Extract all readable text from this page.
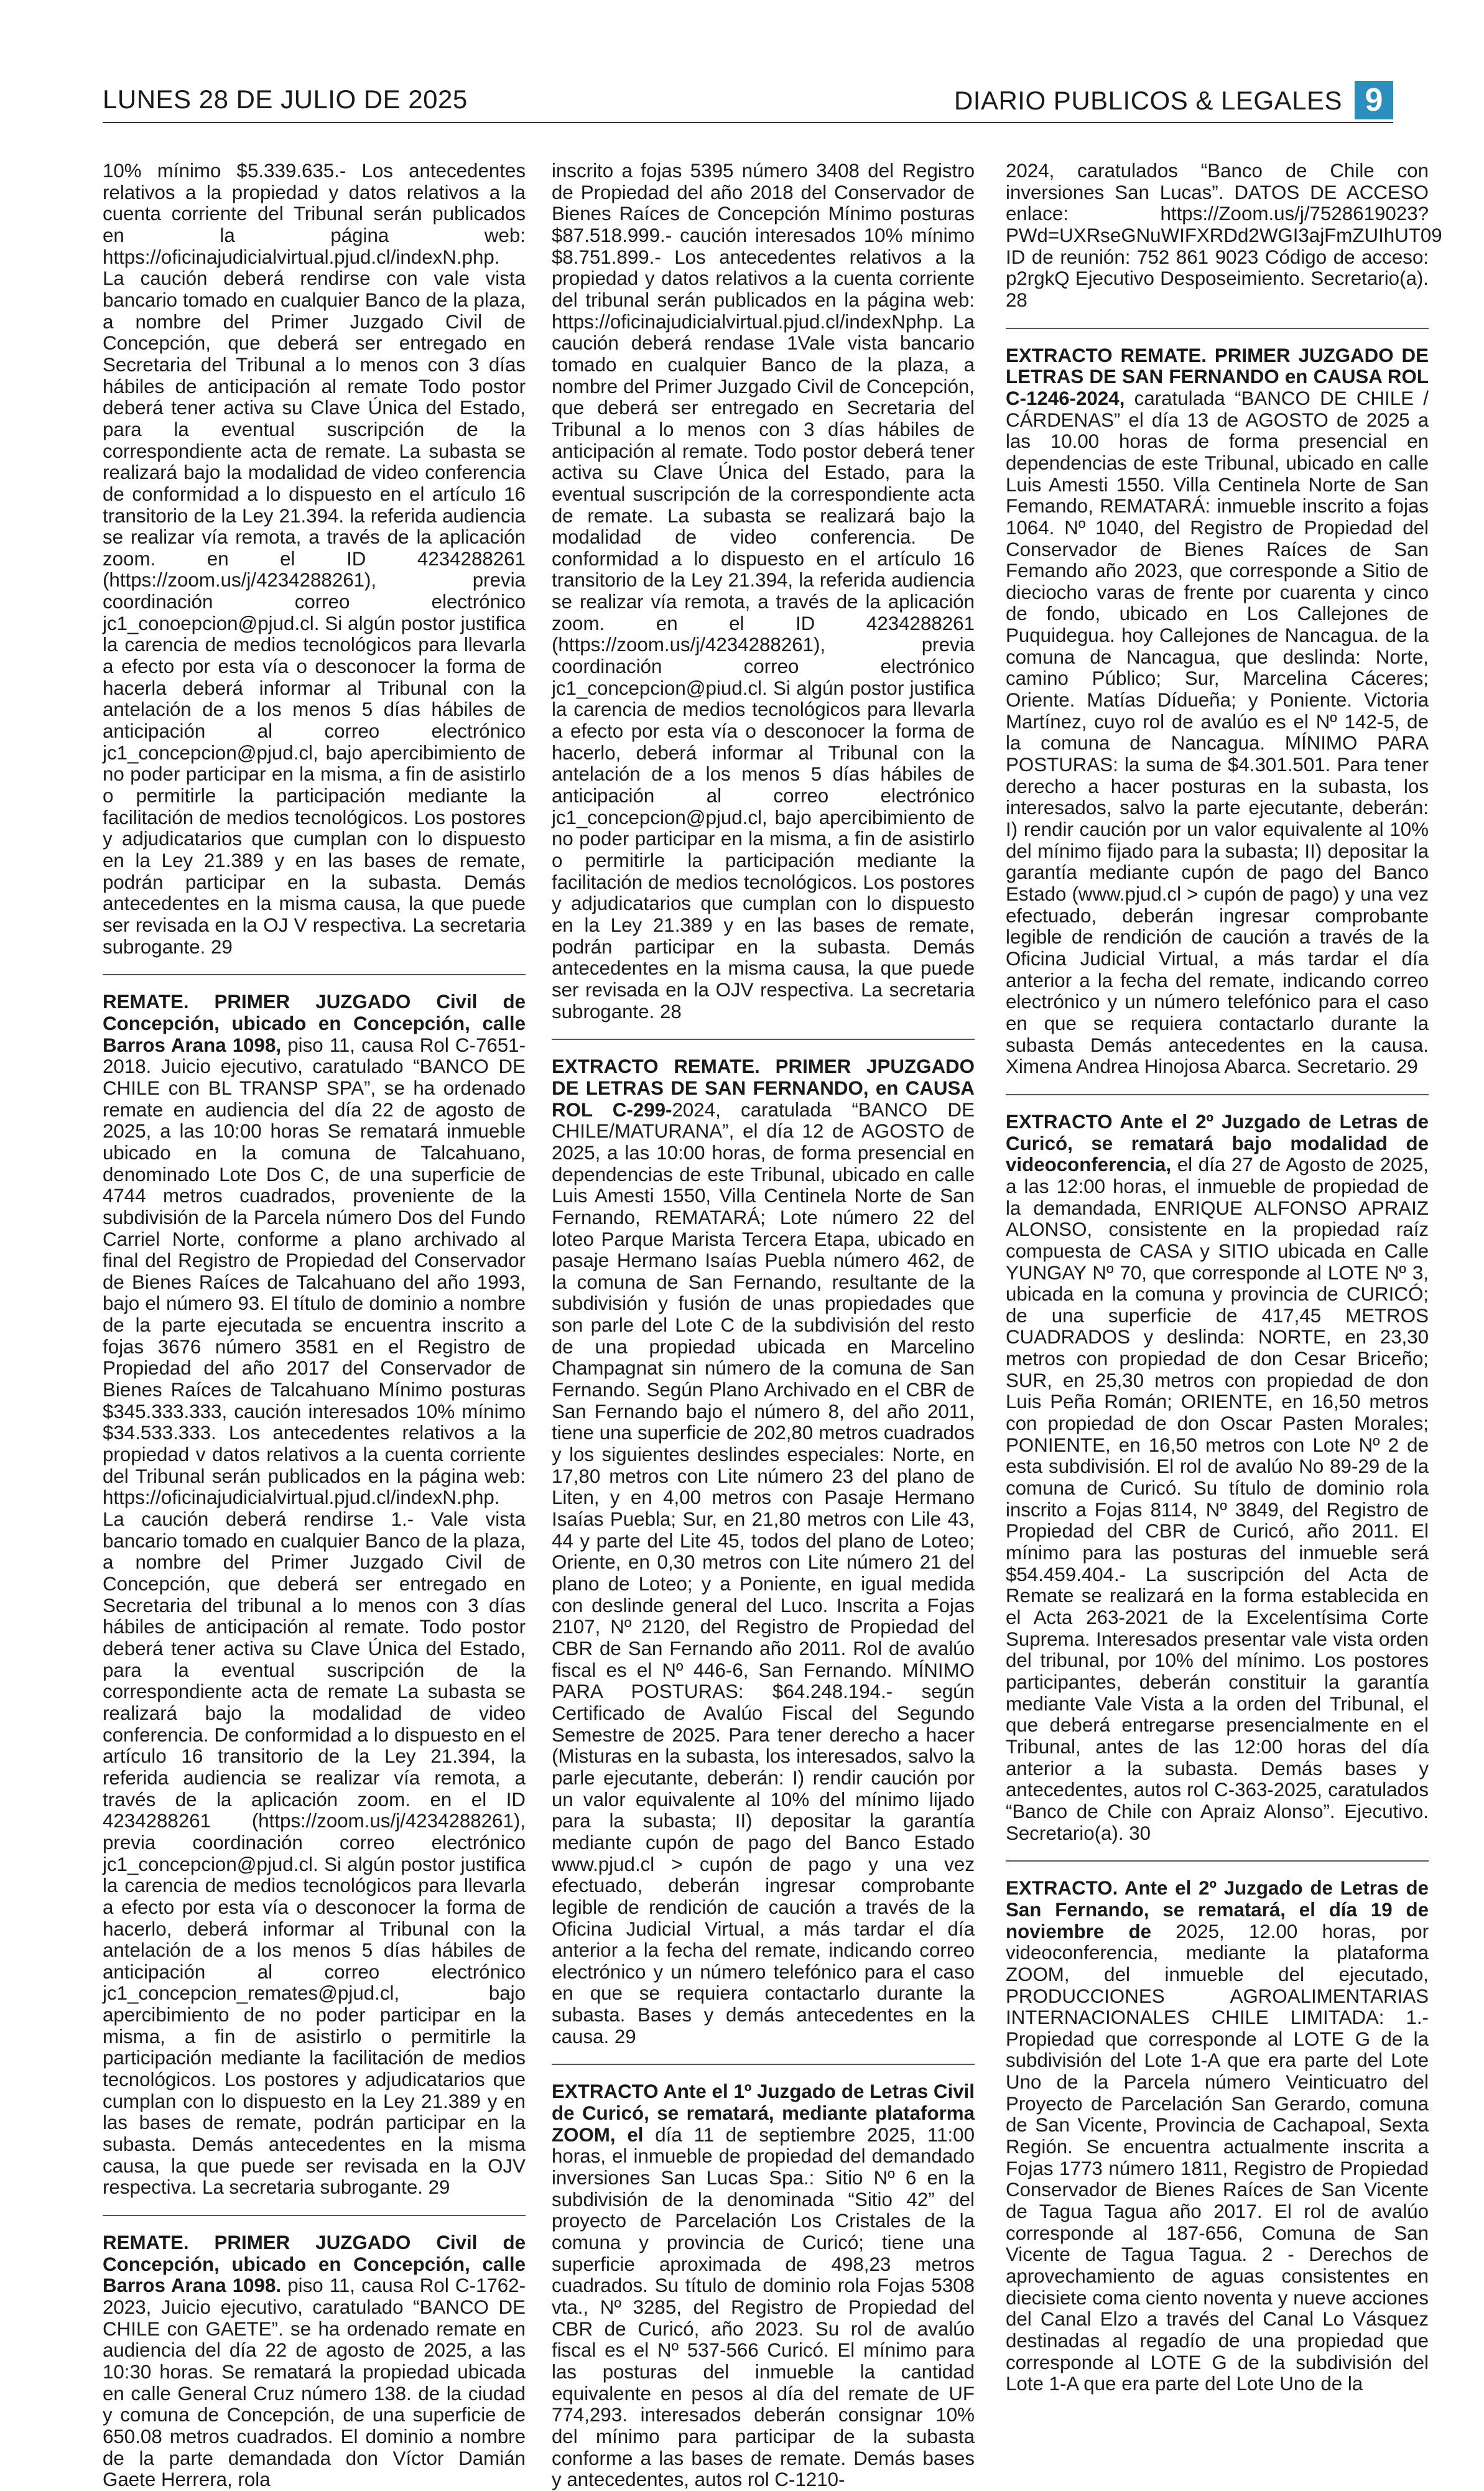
LUNES 28 DE JULIO DE 2025	DIARIO PUBLICOS & LEGALES 9

10% mínimo $5.339.635.- Los antecedentes relativos a la propiedad y datos relativos a la cuenta corriente del Tribunal serán publicados en la página web: https://oficinajudicialvirtual.pjud.cl/indexN.php. La caución deberá rendirse con vale vista bancario tomado en cualquier Banco de la plaza, a nombre del Primer Juzgado Civil de Concepción, que deberá ser entregado en Secretaria del Tribunal a lo menos con 3 días hábiles de anticipación al remate Todo postor deberá tener activa su Clave Única del Estado, para la eventual suscripción de la correspondiente acta de remate. La subasta se realizará bajo la modalidad de video conferencia de conformidad a lo dispuesto en el artículo 16 transitorio de la Ley 21.394. la referida audiencia se realizar vía remota, a través de la aplicación zoom. en el ID 4234288261 (https://zoom.us/j/4234288261), previa coordinación correo electrónico jc1_conoepcion@pjud.cl. Si algún postor justifica la carencia de medios tecnológicos para llevarla a efecto por esta vía o desconocer la forma de hacerla deberá informar al Tribunal con la antelación de a los menos 5 días hábiles de anticipación al correo electrónico jc1_concepcion@pjud.cl, bajo apercibimiento de no poder participar en la misma, a fin de asistirlo o permitirle la participación mediante la facilitación de medios tecnológicos. Los postores y adjudicatarios que cumplan con lo dispuesto en la Ley 21.389 y en las bases de remate, podrán participar en la subasta. Demás antecedentes en la misma causa, la que puede ser revisada en la OJ V respectiva. La secretaria subrogante. 29

REMATE. PRIMER JUZGADO Civil de Concepción, ubicado en Concepción, calle Barros Arana 1098, piso 11, causa Rol C-7651-2018. Juicio ejecutivo, caratulado “BANCO DE CHILE con BL TRANSP SPA”, se ha ordenado remate en audiencia del día 22 de agosto de 2025, a las 10:00 horas Se rematará inmueble ubicado en la comuna de Talcahuano, denominado Lote Dos C, de una superficie de 4744 metros cuadrados, proveniente de la subdivisión de la Parcela número Dos del Fundo Carriel Norte, conforme a plano archivado al final del Registro de Propiedad del Conservador de Bienes Raíces de Talcahuano del año 1993, bajo el número 93. El título de dominio a nombre de la parte ejecutada se encuentra inscrito a fojas 3676 número 3581 en el Registro de Propiedad del año 2017 del Conservador de Bienes Raíces de Talcahuano Mínimo posturas $345.333.333, caución interesados 10% mínimo $34.533.333. Los antecedentes relativos a la propiedad v datos relativos a la cuenta corriente del Tribunal serán publicados en la página web: https://oficinajudicialvirtual.pjud.cl/indexN.php. La caución deberá rendirse 1.- Vale vista bancario tomado en cualquier Banco de la plaza, a nombre del Primer Juzgado Civil de Concepción, que deberá ser entregado en Secretaria del tribunal a lo menos con 3 días hábiles de anticipación al remate. Todo postor deberá tener activa su Clave Única del Estado, para la eventual suscripción de la correspondiente acta de remate La subasta se realizará bajo la modalidad de video conferencia. De conformidad a lo dispuesto en el artículo 16 transitorio de la Ley 21.394, la referida audiencia se realizar vía remota, a través de la aplicación zoom. en el ID 4234288261 (https://zoom.us/j/4234288261), previa coordinación correo electrónico jc1_concepcion@pjud.cl. Si algún postor justifica la carencia de medios tecnológicos para llevarla a efecto por esta vía o desconocer la forma de hacerlo, deberá informar al Tribunal con la antelación de a los menos 5 días hábiles de anticipación al correo electrónico jc1_concepcion_remates@pjud.cl, bajo apercibimiento de no poder participar en la misma, a fin de asistirlo o permitirle la participación mediante la facilitación de medios tecnológicos. Los postores y adjudicatarios que cumplan con lo dispuesto en la Ley 21.389 y en las bases de remate, podrán participar en la subasta. Demás antecedentes en la misma causa, la que puede ser revisada en la OJV respectiva. La secretaria subrogante. 29

REMATE. PRIMER JUZGADO Civil de Concepción, ubicado en Concepción, calle Barros Arana 1098. piso 11, causa Rol C-1762-2023, Juicio ejecutivo, caratulado “BANCO DE CHILE con GAETE”. se ha ordenado remate en audiencia del día 22 de agosto de 2025, a las 10:30 horas. Se rematará la propiedad ubicada en calle General Cruz número 138. de la ciudad y comuna de Concepción, de una superficie de 650.08 metros cuadrados. El dominio a nombre de la parte demandada don Víctor Damián Gaete Herrera, rola

inscrito a fojas 5395 número 3408 del Registro de Propiedad del año 2018 del Conservador de Bienes Raíces de Concepción Mínimo posturas $87.518.999.- caución interesados 10% mínimo $8.751.899.- Los antecedentes relativos a la propiedad y datos relativos a la cuenta corriente del tribunal serán publicados en la página web: https://oficinajudicialvirtual.pjud.cl/indexNphp. La caución deberá rendase 1Vale vista bancario tomado en cualquier Banco de la plaza, a nombre del Primer Juzgado Civil de Concepción, que deberá ser entregado en Secretaria del Tribunal a lo menos con 3 días hábiles de anticipación al remate. Todo postor deberá tener activa su Clave Única del Estado, para la eventual suscripción de la correspondiente acta de remate. La subasta se realizará bajo la modalidad de video conferencia. De conformidad a lo dispuesto en el artículo 16 transitorio de la Ley 21.394, la referida audiencia se realizar vía remota, a través de la aplicación zoom. en el ID 4234288261 (https://zoom.us/j/4234288261), previa coordinación correo electrónico jc1_concepcion@piud.cl. Si algún postor justifica la carencia de medios tecnológicos para llevarla a efecto por esta vía o desconocer la forma de hacerlo, deberá informar al Tribunal con la antelación de a los menos 5 días hábiles de anticipación al correo electrónico jc1_concepcion@pjud.cl, bajo apercibimiento de no poder participar en la misma, a fin de asistirlo o permitirle la participación mediante la facilitación de medios tecnológicos. Los postores y adjudicatarios que cumplan con lo dispuesto en la Ley 21.389 y en las bases de remate, podrán participar en la subasta. Demás antecedentes en la misma causa, la que puede ser revisada en la OJV respectiva. La secretaria subrogante. 28

EXTRACTO REMATE. PRIMER JPUZGADO DE LETRAS DE SAN FERNANDO, en CAUSA ROL C-299-2024, caratulada “BANCO DE CHILE/MATURANA”, el día 12 de AGOSTO de 2025, a las 10:00 horas, de forma presencial en dependencias de este Tribunal, ubicado en calle Luis Amesti 1550, Villa Centinela Norte de San Fernando, REMATARÁ; Lote número 22 del loteo Parque Marista Tercera Etapa, ubicado en pasaje Hermano Isaías Puebla número 462, de la comuna de San Fernando, resultante de la subdivisión y fusión de unas propiedades que son parle del Lote C de la subdivisión del resto de una propiedad ubicada en Marcelino Champagnat sin número de la comuna de San Fernando. Según Plano Archivado en el CBR de San Fernando bajo el número 8, del año 2011, tiene una superficie de 202,80 metros cuadrados y los siguientes deslindes especiales: Norte, en 17,80 metros con Lite número 23 del plano de Liten, y en 4,00 metros con Pasaje Hermano Isaías Puebla; Sur, en 21,80 metros con Lile 43, 44 y parte del Lite 45, todos del plano de Loteo; Oriente, en 0,30 metros con Lite número 21 del plano de Loteo; y a Poniente, en igual medida con deslinde general del Luco. Inscrita a Fojas 2107, Nº 2120, del Registro de Propiedad del CBR de San Fernando año 2011. Rol de avalúo fiscal es el Nº 446-6, San Fernando. MÍNIMO PARA POSTURAS: $64.248.194.- según Certificado de Avalúo Fiscal del Segundo Semestre de 2025. Para tener derecho a hacer (Misturas en la subasta, los interesados, salvo la parle ejecutante, deberán: I) rendir caución por un valor equivalente al 10% del mínimo lijado para la subasta; II) depositar la garantía mediante cupón de pago del Banco Estado www.pjud.cl > cupón de pago y una vez efectuado, deberán ingresar comprobante legible de rendición de caución a través de la Oficina Judicial Virtual, a más tardar el día anterior a la fecha del remate, indicando correo electrónico y un número telefónico para el caso en que se requiera contactarlo durante la subasta. Bases y demás antecedentes en la causa. 29

EXTRACTO Ante el 1º Juzgado de Letras Civil de Curicó, se rematará, mediante plataforma ZOOM, el día 11 de septiembre 2025, 11:00 horas, el inmueble de propiedad del demandado inversiones San Lucas Spa.: Sitio Nº 6 en la subdivisión de la denominada “Sitio 42” del proyecto de Parcelación Los Cristales de la comuna y provincia de Curicó; tiene una superficie aproximada de 498,23 metros cuadrados. Su título de dominio rola Fojas 5308 vta., Nº 3285, del Registro de Propiedad del CBR de Curicó, año 2023. Su rol de avalúo fiscal es el Nº 537-566 Curicó. El mínimo para las posturas del inmueble la cantidad equivalente en pesos al día del remate de UF 774,293. interesados deberán consignar 10% del mínimo para participar de la subasta conforme a las bases de remate. Demás bases y antecedentes, autos rol C-1210-

2024, caratulados “Banco de Chile con inversiones San Lucas”. DATOS DE ACCESO enlace: https://Zoom.us/j/7528619023?PWd=UXRseGNuWIFXRDd2WGI3ajFmZUIhUT09 ID de reunión: 752 861 9023 Código de acceso: p2rgkQ Ejecutivo Desposeimiento. Secretario(a). 28

EXTRACTO REMATE. PRIMER JUZGADO DE LETRAS DE SAN FERNANDO en CAUSA ROL C-1246-2024, caratulada “BANCO DE CHILE / CÁRDENAS” el día 13 de AGOSTO de 2025 a las 10.00 horas de forma presencial en dependencias de este Tribunal, ubicado en calle Luis Amesti 1550. Villa Centinela Norte de San Femando, REMATARÁ: inmueble inscrito a fojas 1064. Nº 1040, del Registro de Propiedad del Conservador de Bienes Raíces de San Femando año 2023, que corresponde a Sitio de dieciocho varas de frente por cuarenta y cinco de fondo, ubicado en Los Callejones de Puquidegua. hoy Callejones de Nancagua. de la comuna de Nancagua, que deslinda: Norte, camino Público; Sur, Marcelina Cáceres; Oriente. Matías Dídueña; y Poniente. Victoria Martínez, cuyo rol de avalúo es el Nº 142-5, de la comuna de Nancagua. MÍNIMO PARA POSTURAS: la suma de $4.301.501. Para tener derecho a hacer posturas en la subasta, los interesados, salvo la parte ejecutante, deberán: I) rendir caución por un valor equivalente al 10% del mínimo fijado para la subasta; II) depositar la garantía mediante cupón de pago del Banco Estado (www.pjud.cl > cupón de pago) y una vez efectuado, deberán ingresar comprobante legible de rendición de caución a través de la Oficina Judicial Virtual, a más tardar el día anterior a la fecha del remate, indicando correo electrónico y un número telefónico para el caso en que se requiera contactarlo durante la subasta Demás antecedentes en la causa. Ximena Andrea Hinojosa Abarca. Secretario. 29

EXTRACTO Ante el 2º Juzgado de Letras de Curicó, se rematará bajo modalidad de videoconferencia, el día 27 de Agosto de 2025, a las 12:00 horas, el inmueble de propiedad de la demandada, ENRIQUE ALFONSO APRAIZ ALONSO, consistente en la propiedad raíz compuesta de CASA y SITIO ubicada en Calle YUNGAY Nº 70, que corresponde al LOTE Nº 3, ubicada en la comuna y provincia de CURICÓ; de una superficie de 417,45 METROS CUADRADOS y deslinda: NORTE, en 23,30 metros con propiedad de don Cesar Briceño; SUR, en 25,30 metros con propiedad de don Luis Peña Román; ORIENTE, en 16,50 metros con propiedad de don Oscar Pasten Morales; PONIENTE, en 16,50 metros con Lote Nº 2 de esta subdivisión. El rol de avalúo No 89-29 de la comuna de Curicó. Su título de dominio rola inscrito a Fojas 8114, Nº 3849, del Registro de Propiedad del CBR de Curicó, año 2011. El mínimo para las posturas del inmueble será $54.459.404.- La suscripción del Acta de Remate se realizará en la forma establecida en el Acta 263-2021 de la Excelentísima Corte Suprema. Interesados presentar vale vista orden del tribunal, por 10% del mínimo. Los postores participantes, deberán constituir la garantía mediante Vale Vista a la orden del Tribunal, el que deberá entregarse presencialmente en el Tribunal, antes de las 12:00 horas del día anterior a la subasta. Demás bases y antecedentes, autos rol C-363-2025, caratulados “Banco de Chile con Apraiz Alonso”. Ejecutivo. Secretario(a). 30

EXTRACTO. Ante el 2º Juzgado de Letras de San Fernando, se rematará, el día 19 de noviembre de 2025, 12.00 horas, por videoconferencia, mediante la plataforma ZOOM, del inmueble del ejecutado, PRODUCCIONES AGROALIMENTARIAS INTERNACIONALES CHILE LIMITADA: 1.- Propiedad que corresponde al LOTE G de la subdivisión del Lote 1-A que era parte del Lote Uno de la Parcela número Veinticuatro del Proyecto de Parcelación San Gerardo, comuna de San Vicente, Provincia de Cachapoal, Sexta Región. Se encuentra actualmente inscrita a Fojas 1773 número 1811, Registro de Propiedad Conservador de Bienes Raíces de San Vicente de Tagua Tagua año 2017. El rol de avalúo corresponde al 187-656, Comuna de San Vicente de Tagua Tagua. 2 - Derechos de aprovechamiento de aguas consistentes en diecisiete coma ciento noventa y nueve acciones del Canal Elzo a través del Canal Lo Vásquez destinadas al regadío de una propiedad que corresponde al LOTE G de la subdivisión del Lote 1-A que era parte del Lote Uno de la
